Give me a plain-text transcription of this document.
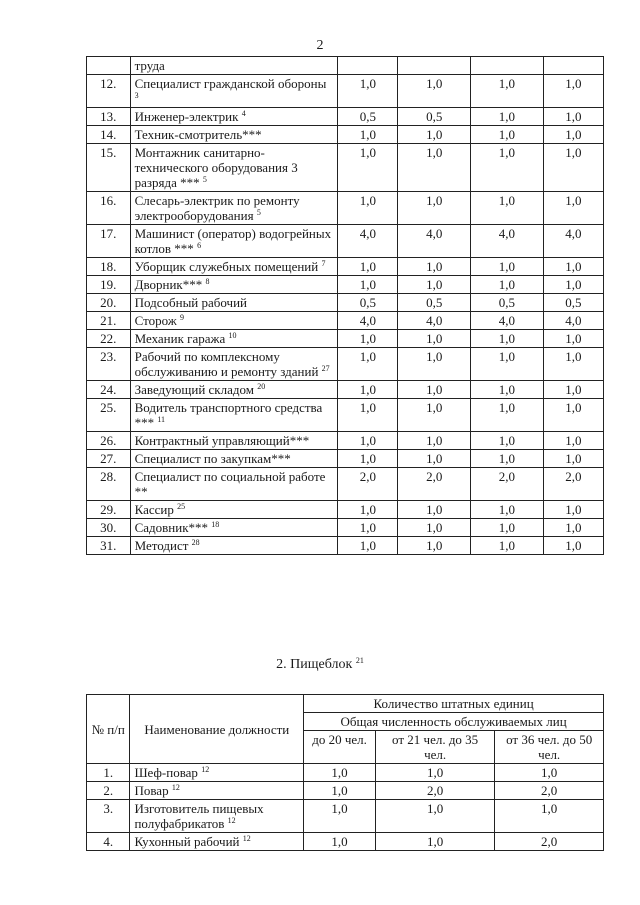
2
	труда				
12.	Специалист гражданской обороны $^3$	1,0	1,0	1,0	1,0
13.	Инженер-электрик $^4$	0,5	0,5	1,0	1,0
14.	Техник-смотритель***	1,0	1,0	1,0	1,0
15.	Монтажник санитарно-технического оборудования 3 разряда *** $^5$	1,0	1,0	1,0	1,0
16.	Слесарь-электрик по ремонту электрооборудования $^5$	1,0	1,0	1,0	1,0
17.	Машинист (оператор) водогрейных котлов *** $^6$	4,0	4,0	4,0	4,0
18.	Уборщик служебных помещений $^7$	1,0	1,0	1,0	1,0
19.	Дворник*** $^8$	1,0	1,0	1,0	1,0
20.	Подсобный рабочий	0,5	0,5	0,5	0,5
21.	Сторож $^9$	4,0	4,0	4,0	4,0
22.	Механик гаража $^{10}$	1,0	1,0	1,0	1,0
23.	Рабочий по комплексному обслуживанию и ремонту зданий $^{27}$	1,0	1,0	1,0	1,0
24.	Заведующий складом $^{20}$	1,0	1,0	1,0	1,0
25.	Водитель транспортного средства *** $^{11}$	1,0	1,0	1,0	1,0
26.	Контрактный управляющий***	1,0	1,0	1,0	1,0
27.	Специалист по закупкам***	1,0	1,0	1,0	1,0
28.	Специалист по социальной работе **	2,0	2,0	2,0	2,0
29.	Кассир $^{25}$	1,0	1,0	1,0	1,0
30.	Садовник*** $^{18}$	1,0	1,0	1,0	1,0
31.	Методист $^{28}$	1,0	1,0	1,0	1,0
2. Пищеблок $^{21}$
№ п/п	Наименование должности	Количество штатных единиц		
		Общая численность обслуживаемых лиц		
		до 20 чел.	от 21 чел. до 35 чел.	от 36 чел. до 50 чел.
1.	Шеф-повар $^{12}$	1,0	1,0	1,0
2.	Повар $^{12}$	1,0	2,0	2,0
3.	Изготовитель пищевых полуфабрикатов $^{12}$	1,0	1,0	1,0
4.	Кухонный рабочий $^{12}$	1,0	1,0	2,0
